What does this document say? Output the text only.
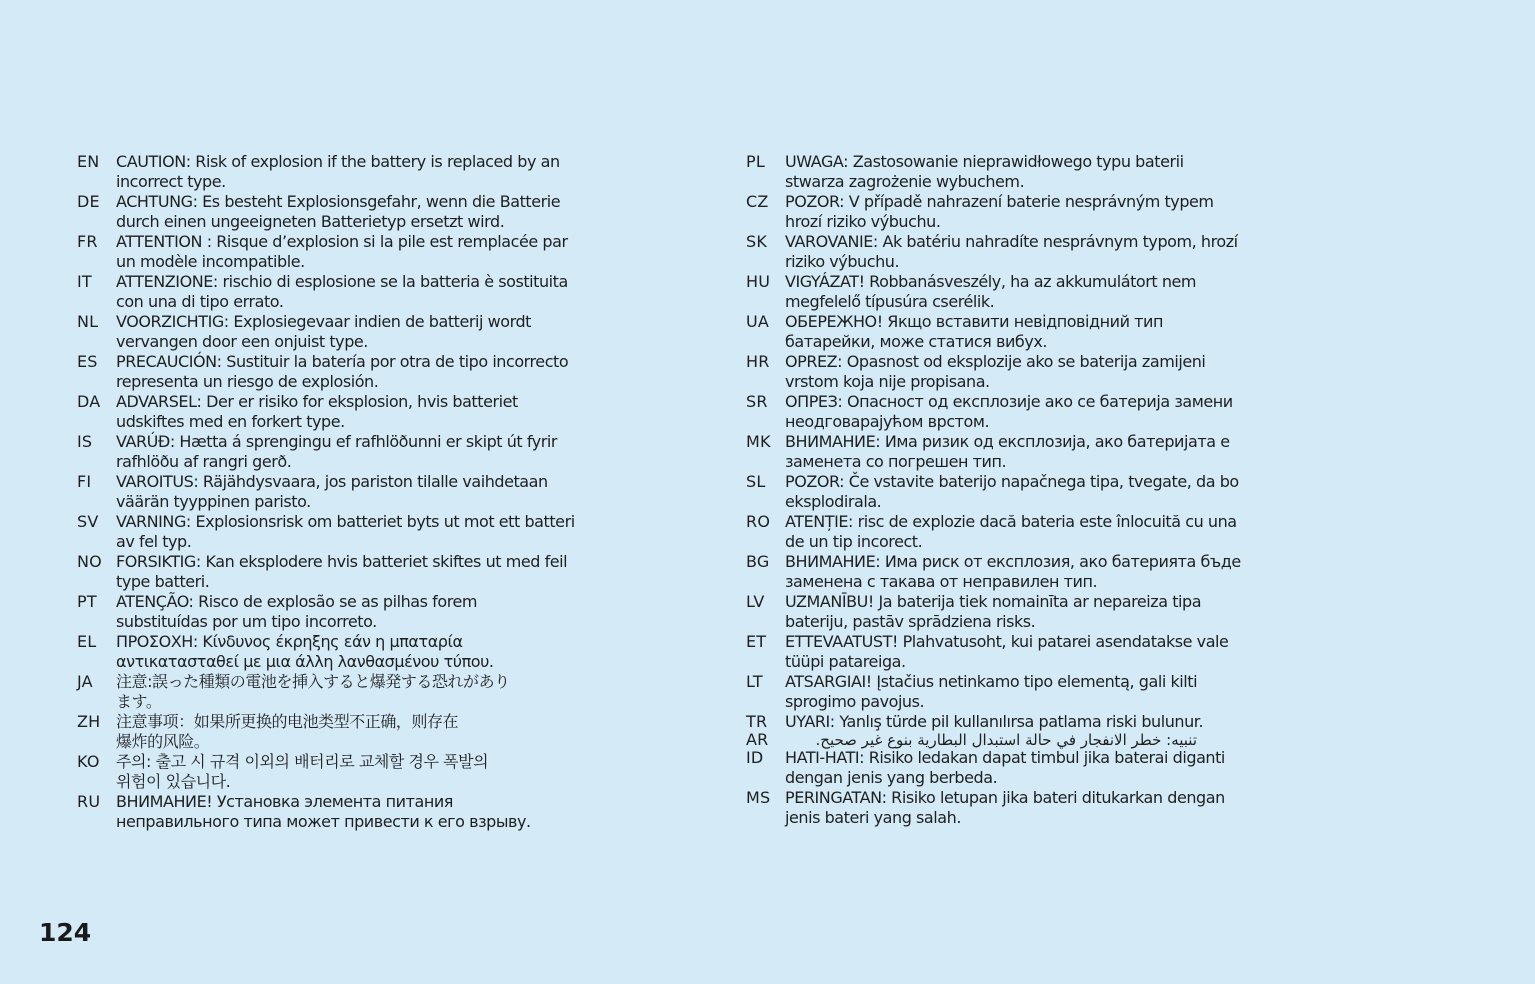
EN	CAUTION: Risk of explosion if the battery is replaced by an
incorrect type.
DE	ACHTUNG: Es besteht Explosionsgefahr, wenn die Batterie
durch einen ungeeigneten Batterietyp ersetzt wird.
FR	ATTENTION : Risque d’explosion si la pile est remplacée par
un modèle incompatible.
IT	ATTENZIONE: rischio di esplosione se la batteria è sostituita
con una di tipo errato.
NL	VOORZICHTIG: Explosiegevaar indien de batterij wordt
vervangen door een onjuist type.
ES	PRECAUCIÓN: Sustituir la batería por otra de tipo incorrecto
representa un riesgo de explosión.
DA ADVARSEL: Der er risiko for eksplosion, hvis batteriet
udskiftes med en forkert type.
IS	VARÚÐ: Hætta á sprengingu ef rafhlöðunni er skipt út fyrir
rafhlöðu af rangri gerð.
FI	VAROITUS: Räjähdysvaara, jos pariston tilalle vaihdetaan
väärän tyyppinen paristo.
SV	VARNING: Explosionsrisk om batteriet byts ut mot ett batteri
av fel typ.
NO FORSIKTIG: Kan eksplodere hvis batteriet skiftes ut med feil
type batteri.
PT	ATENÇÃO: Risco de explosão se as pilhas forem
substituídas por um tipo incorreto.
EL	ΠΡΟΣΟΧΗ: Κίνδυνος έκρηξης εάν η μπαταρία
αντικατασταθεί με μια άλλη λανθασμένου τύπου.
JA	注意:誤った種類の電池を挿入すると爆発する恐れがあり
ます。
ZH 注意事项：如果所更换的电池类型不正确，则存在
爆炸的风险。
KO	주의: 출고 시 규격 이외의 배터리로 교체할 경우 폭발의
위험이 있습니다.
RU ВНИМАНИЕ! Установка элемента питания
неправильного типа может привести к его взрыву.
PL	UWAGA: Zastosowanie nieprawidłowego typu baterii
stwarza zagrożenie wybuchem.
CZ	POZOR: V případě nahrazení baterie nesprávným typem
hrozí riziko výbuchu.
SK	VAROVANIE: Ak batériu nahradíte nesprávnym typom, hrozí
riziko výbuchu.
HU VIGYÁZAT! Robbanásveszély, ha az akkumulátort nem
megfelelő típusúra cserélik.
UA ОБЕРЕЖНО! Якщо вставити невідповідний тип
батарейки, може статися вибух.
HR OPREZ: Opasnost od eksplozije ako se baterija zamijeni
vrstom koja nije propisana.
SR	ОПРЕЗ: Опасност од експлозије ако се батерија замени
неодговарајућом врстом.
MK ВНИМАНИЕ: Има ризик од експлозија, ако батеријата е
заменета со погрешен тип.
SL	POZOR: Če vstavite baterijo napačnega tipa, tvegate, da bo
eksplodirala.
RO ATENȚIE: risc de explozie dacă bateria este înlocuită cu una
de un tip incorect.
BG ВНИМАНИЕ: Има риск от експлозия, ако батерията бъде
заменена с такава от неправилен тип.
LV	UZMANĪBU! Ja baterija tiek nomainīta ar nepareiza tipa
bateriju, pastāv sprādziena risks.
ET	ETTEVAATUST! Plahvatusoht, kui patarei asendatakse vale
tüüpi patareiga.
LT	ATSARGIAI! Įstačius netinkamo tipo elementą, gali kilti
sprogimo pavojus.
TR	UYARI: Yanlış türde pil kullanılırsa patlama riski bulunur.
AR	تنبيه: خطر الانفجار في حالة استبدال البطارية بنوع غير صحيح.
ID	HATI-HATI: Risiko ledakan dapat timbul jika baterai diganti
dengan jenis yang berbeda.
MS PERINGATAN: Risiko letupan jika bateri ditukarkan dengan
jenis bateri yang salah.
124
